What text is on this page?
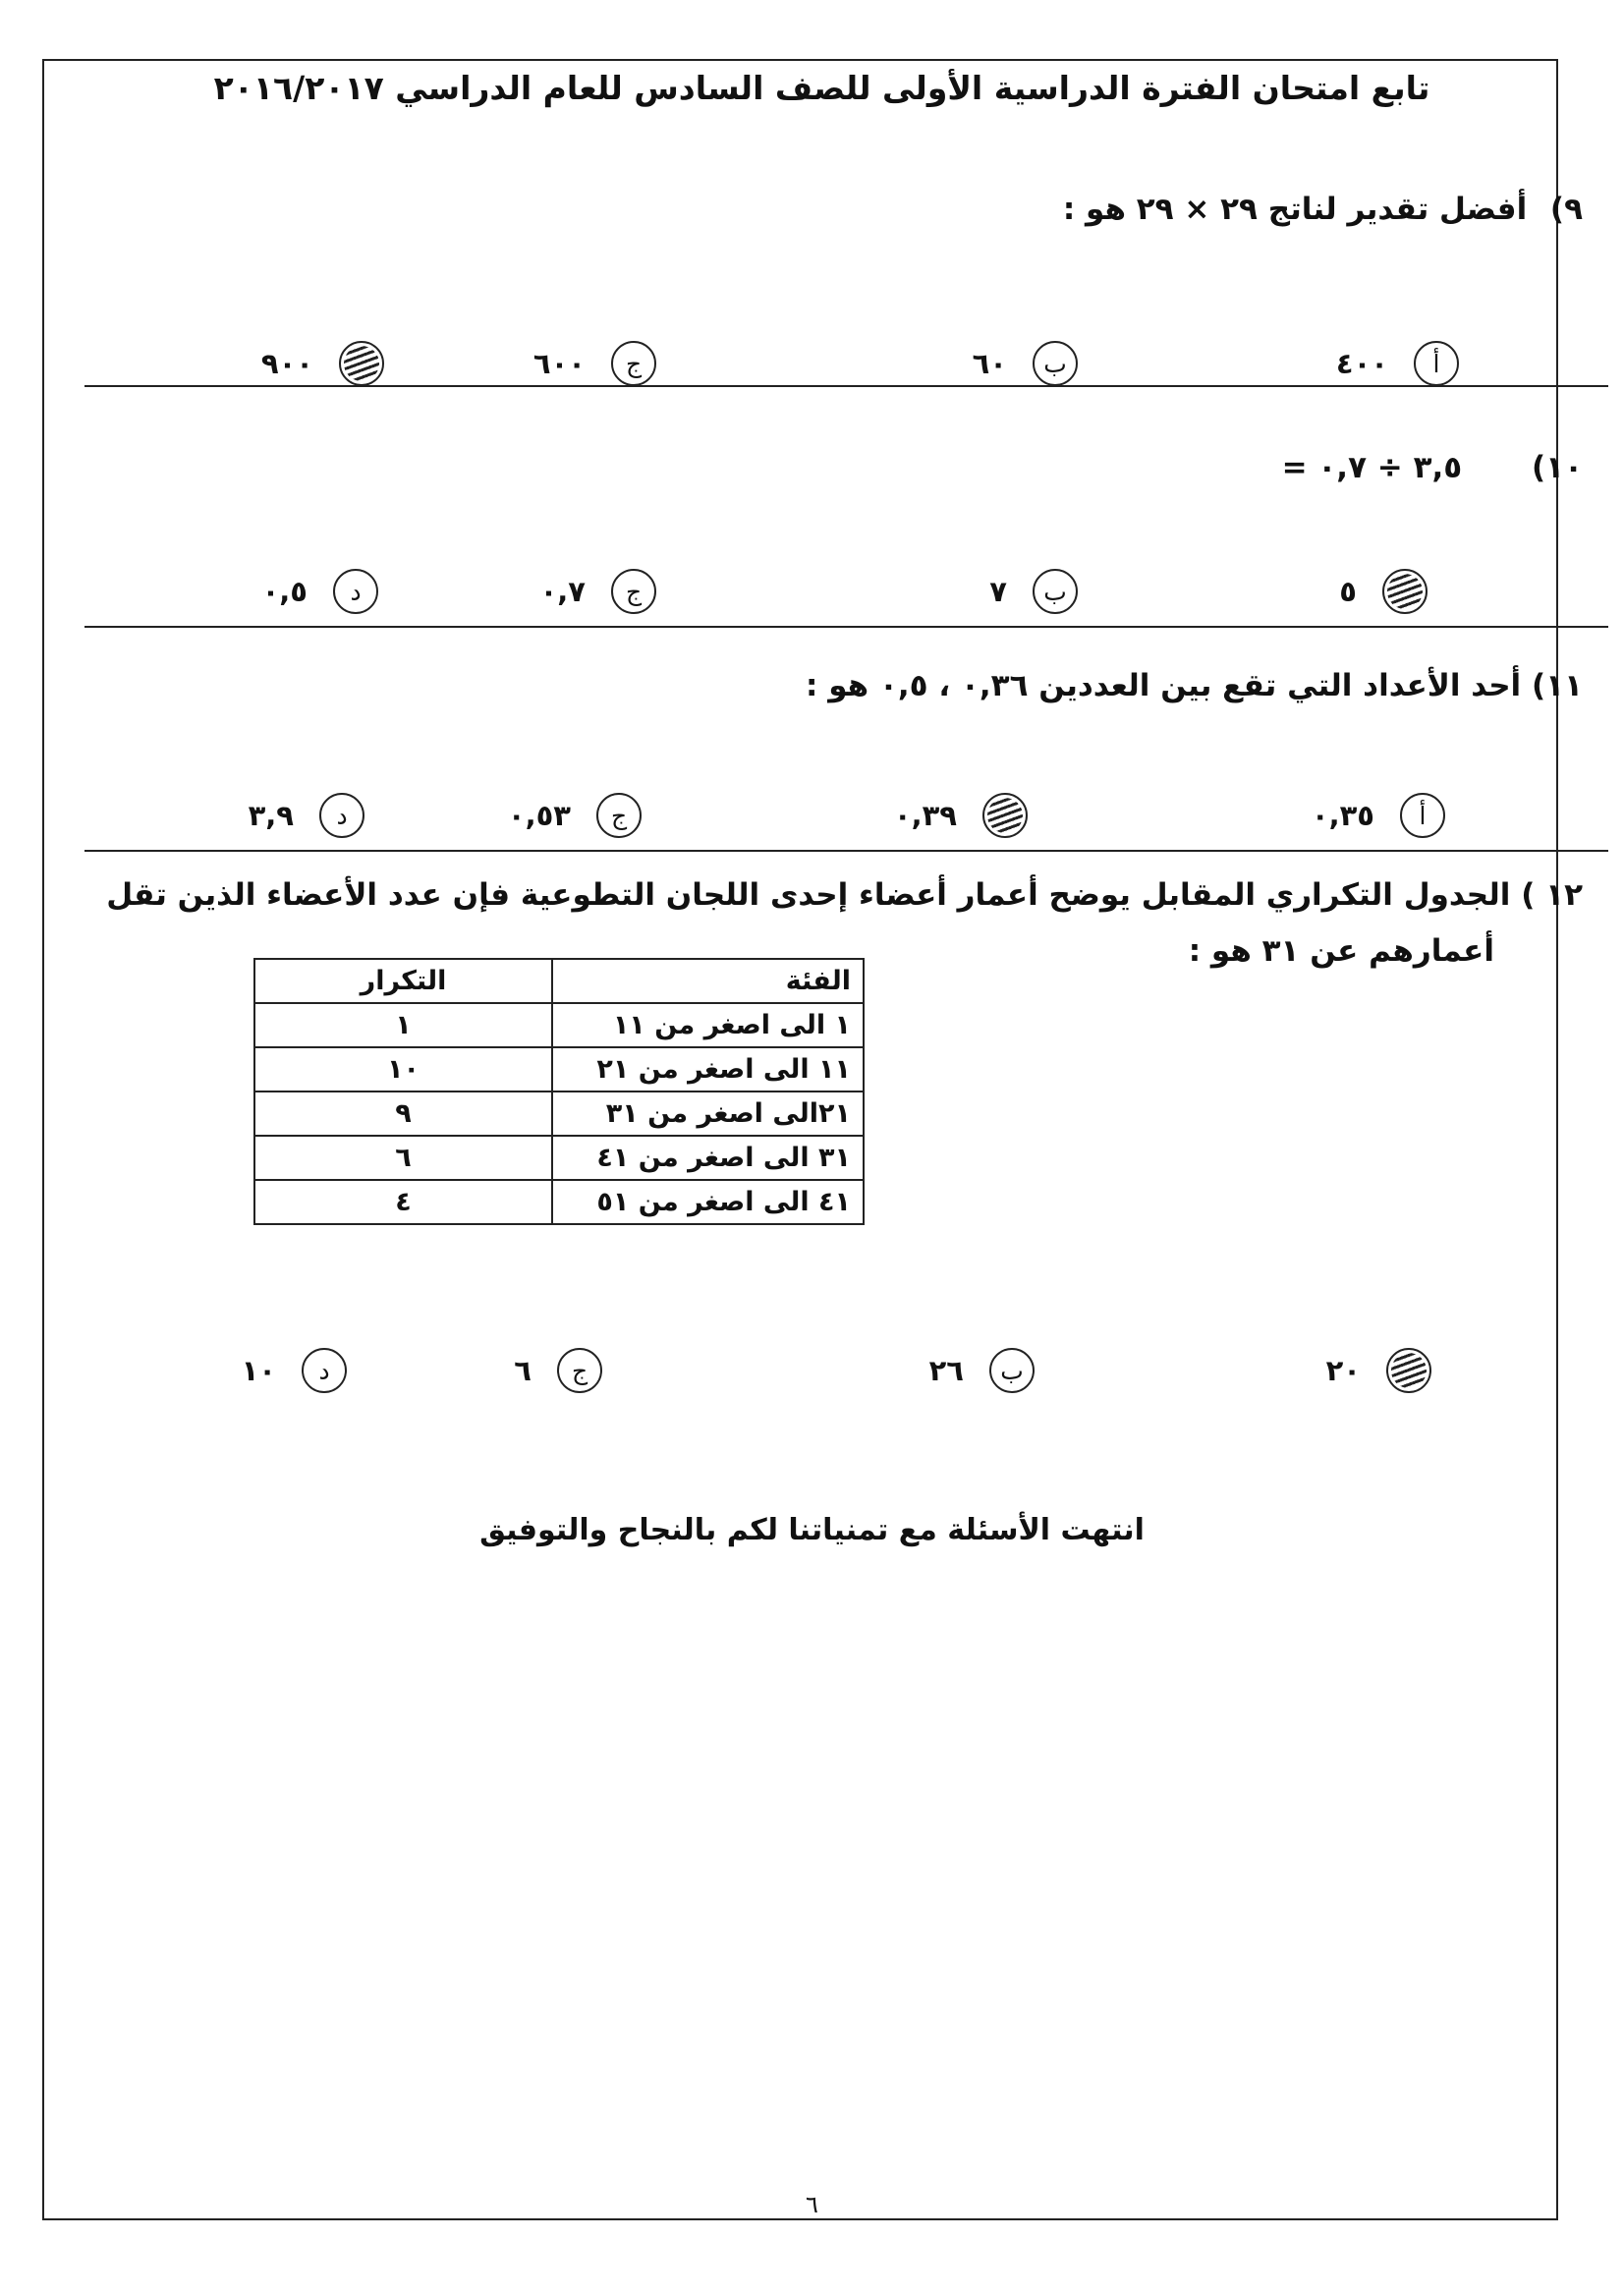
تابع امتحان الفترة الدراسية الأولى للصف السادس للعام الدراسي ٢٠١٦/٢٠١٧
٩) أفضل تقدير لناتج ٢٩ × ٢٩ هو :
أ
٤٠٠
ب
٦٠
ج
٦٠٠
٩٠٠
١٠) ٣,٥ ÷ ٠,٧ =
٥
ب
٧
ج
٠,٧
د
٠,٥
١١) أحد الأعداد التي تقع بين العددين ٠,٣٦ ، ٠,٥ هو :
أ
٠,٣٥
٠,٣٩
ج
٠,٥٣
د
٣,٩
١٢ ) الجدول التكراري المقابل يوضح أعمار أعضاء إحدى اللجان التطوعية فإن عدد الأعضاء الذين تقل
أعمارهم عن ٣١ هو :
الفئة	التكرار
١ الى اصغر من ١١	١
١١ الى اصغر من ٢١	١٠
٢١الى اصغر من ٣١	٩
٣١ الى اصغر من ٤١	٦
٤١ الى اصغر من ٥١	٤
٢٠
ب
٢٦
ج
٦
د
١٠
انتهت الأسئلة مع تمنياتنا لكم بالنجاح والتوفيق
٦
